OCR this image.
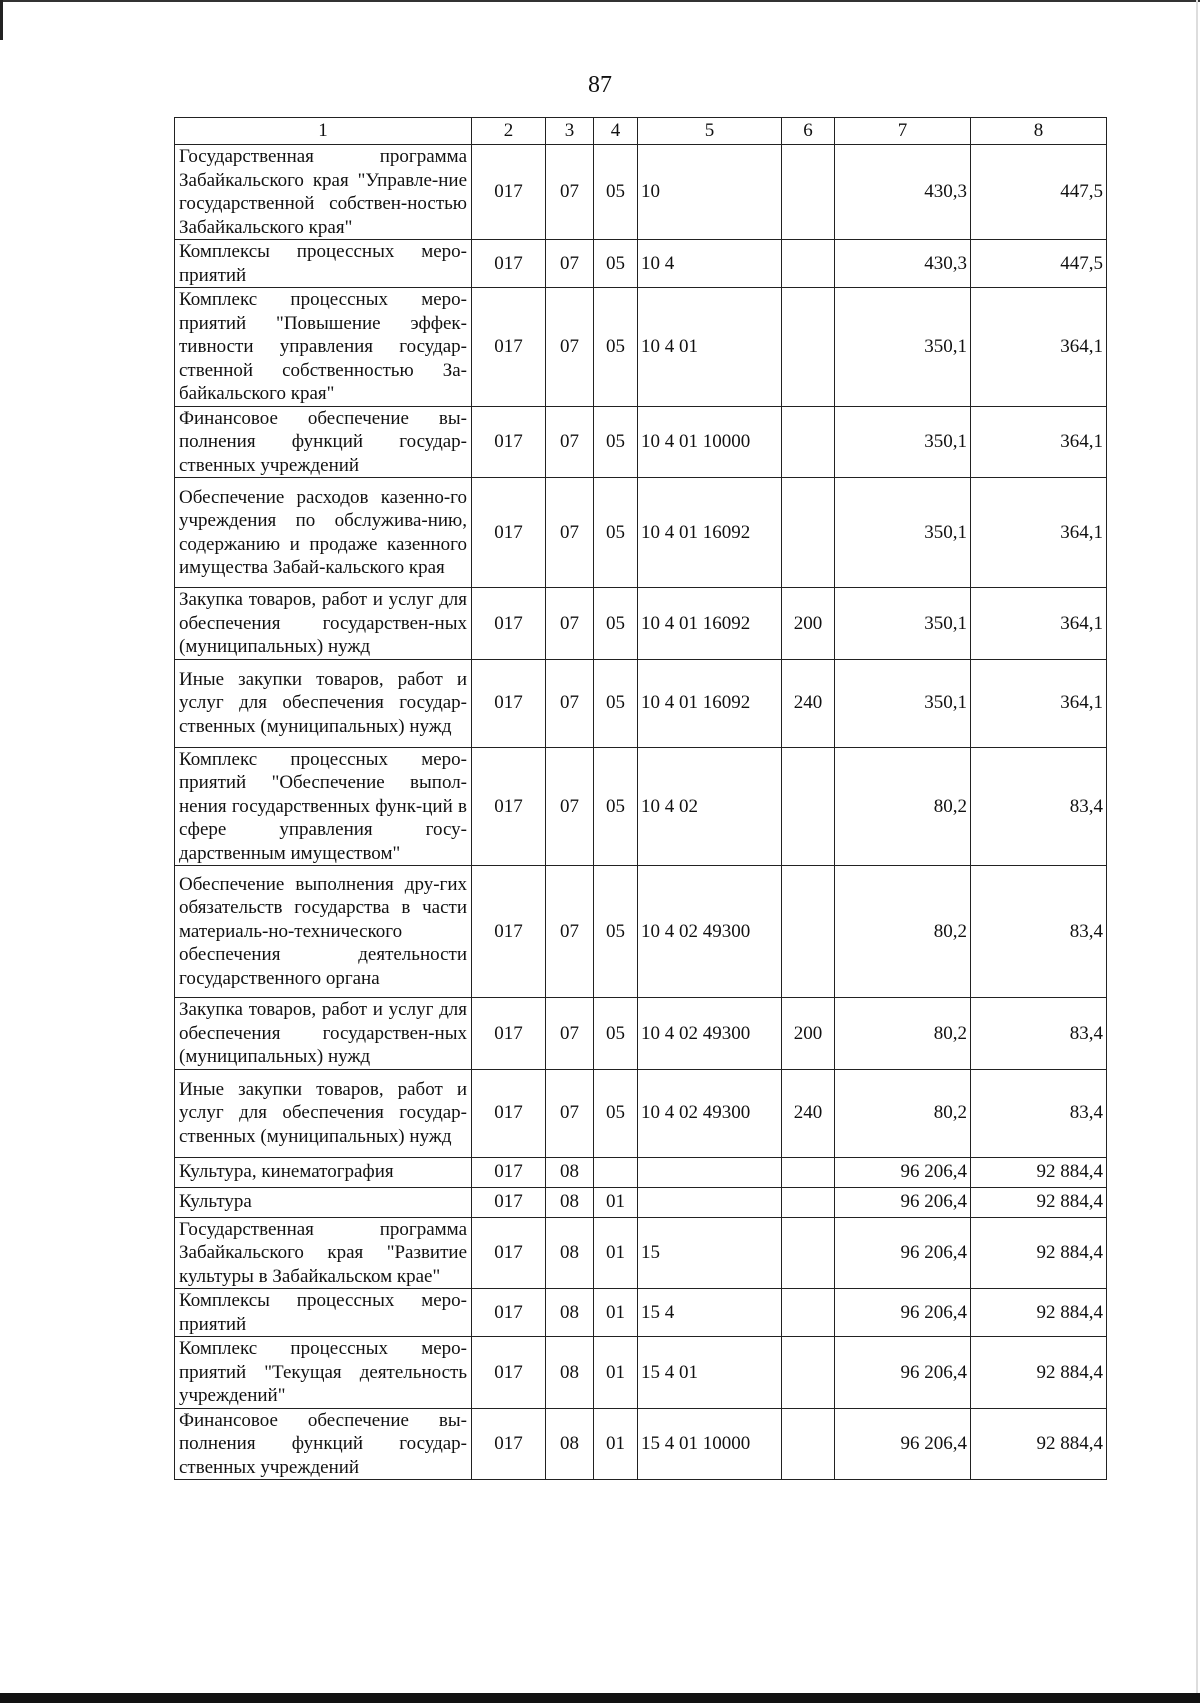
87
1	2	3	4	5	6	7	8
Государственная программа Забайкальского края "Управле-ние государственной собствен-ностью Забайкальского края"	017	07	05	10		430,3	447,5
Комплексы процессных меро-приятий	017	07	05	10 4		430,3	447,5
Комплекс процессных меро-приятий "Повышение эффек-тивности управления государ-ственной собственностью За-байкальского края"	017	07	05	10 4 01		350,1	364,1
Финансовое обеспечение вы-полнения функций государ-ственных учреждений	017	07	05	10 4 01 10000		350,1	364,1
Обеспечение расходов казенно-го учреждения по обслужива-нию, содержанию и продаже казенного имущества Забай-кальского края	017	07	05	10 4 01 16092		350,1	364,1
Закупка товаров, работ и услуг для обеспечения государствен-ных (муниципальных) нужд	017	07	05	10 4 01 16092	200	350,1	364,1
Иные закупки товаров, работ и услуг для обеспечения государ-ственных (муниципальных) нужд	017	07	05	10 4 01 16092	240	350,1	364,1
Комплекс процессных меро-приятий "Обеспечение выпол-нения государственных функ-ций в сфере управления госу-дарственным имуществом"	017	07	05	10 4 02		80,2	83,4
Обеспечение выполнения дру-гих обязательств государства в части материаль-но-технического обеспечения деятельности государственного органа	017	07	05	10 4 02 49300		80,2	83,4
Закупка товаров, работ и услуг для обеспечения государствен-ных (муниципальных) нужд	017	07	05	10 4 02 49300	200	80,2	83,4
Иные закупки товаров, работ и услуг для обеспечения государ-ственных (муниципальных) нужд	017	07	05	10 4 02 49300	240	80,2	83,4
Культура, кинематография	017	08				96 206,4	92 884,4
Культура	017	08	01			96 206,4	92 884,4
Государственная программа Забайкальского края "Развитие культуры в Забайкальском крае"	017	08	01	15		96 206,4	92 884,4
Комплексы процессных меро-приятий	017	08	01	15 4		96 206,4	92 884,4
Комплекс процессных меро-приятий "Текущая деятельность учреждений"	017	08	01	15 4 01		96 206,4	92 884,4
Финансовое обеспечение вы-полнения функций государ-ственных учреждений	017	08	01	15 4 01 10000		96 206,4	92 884,4
